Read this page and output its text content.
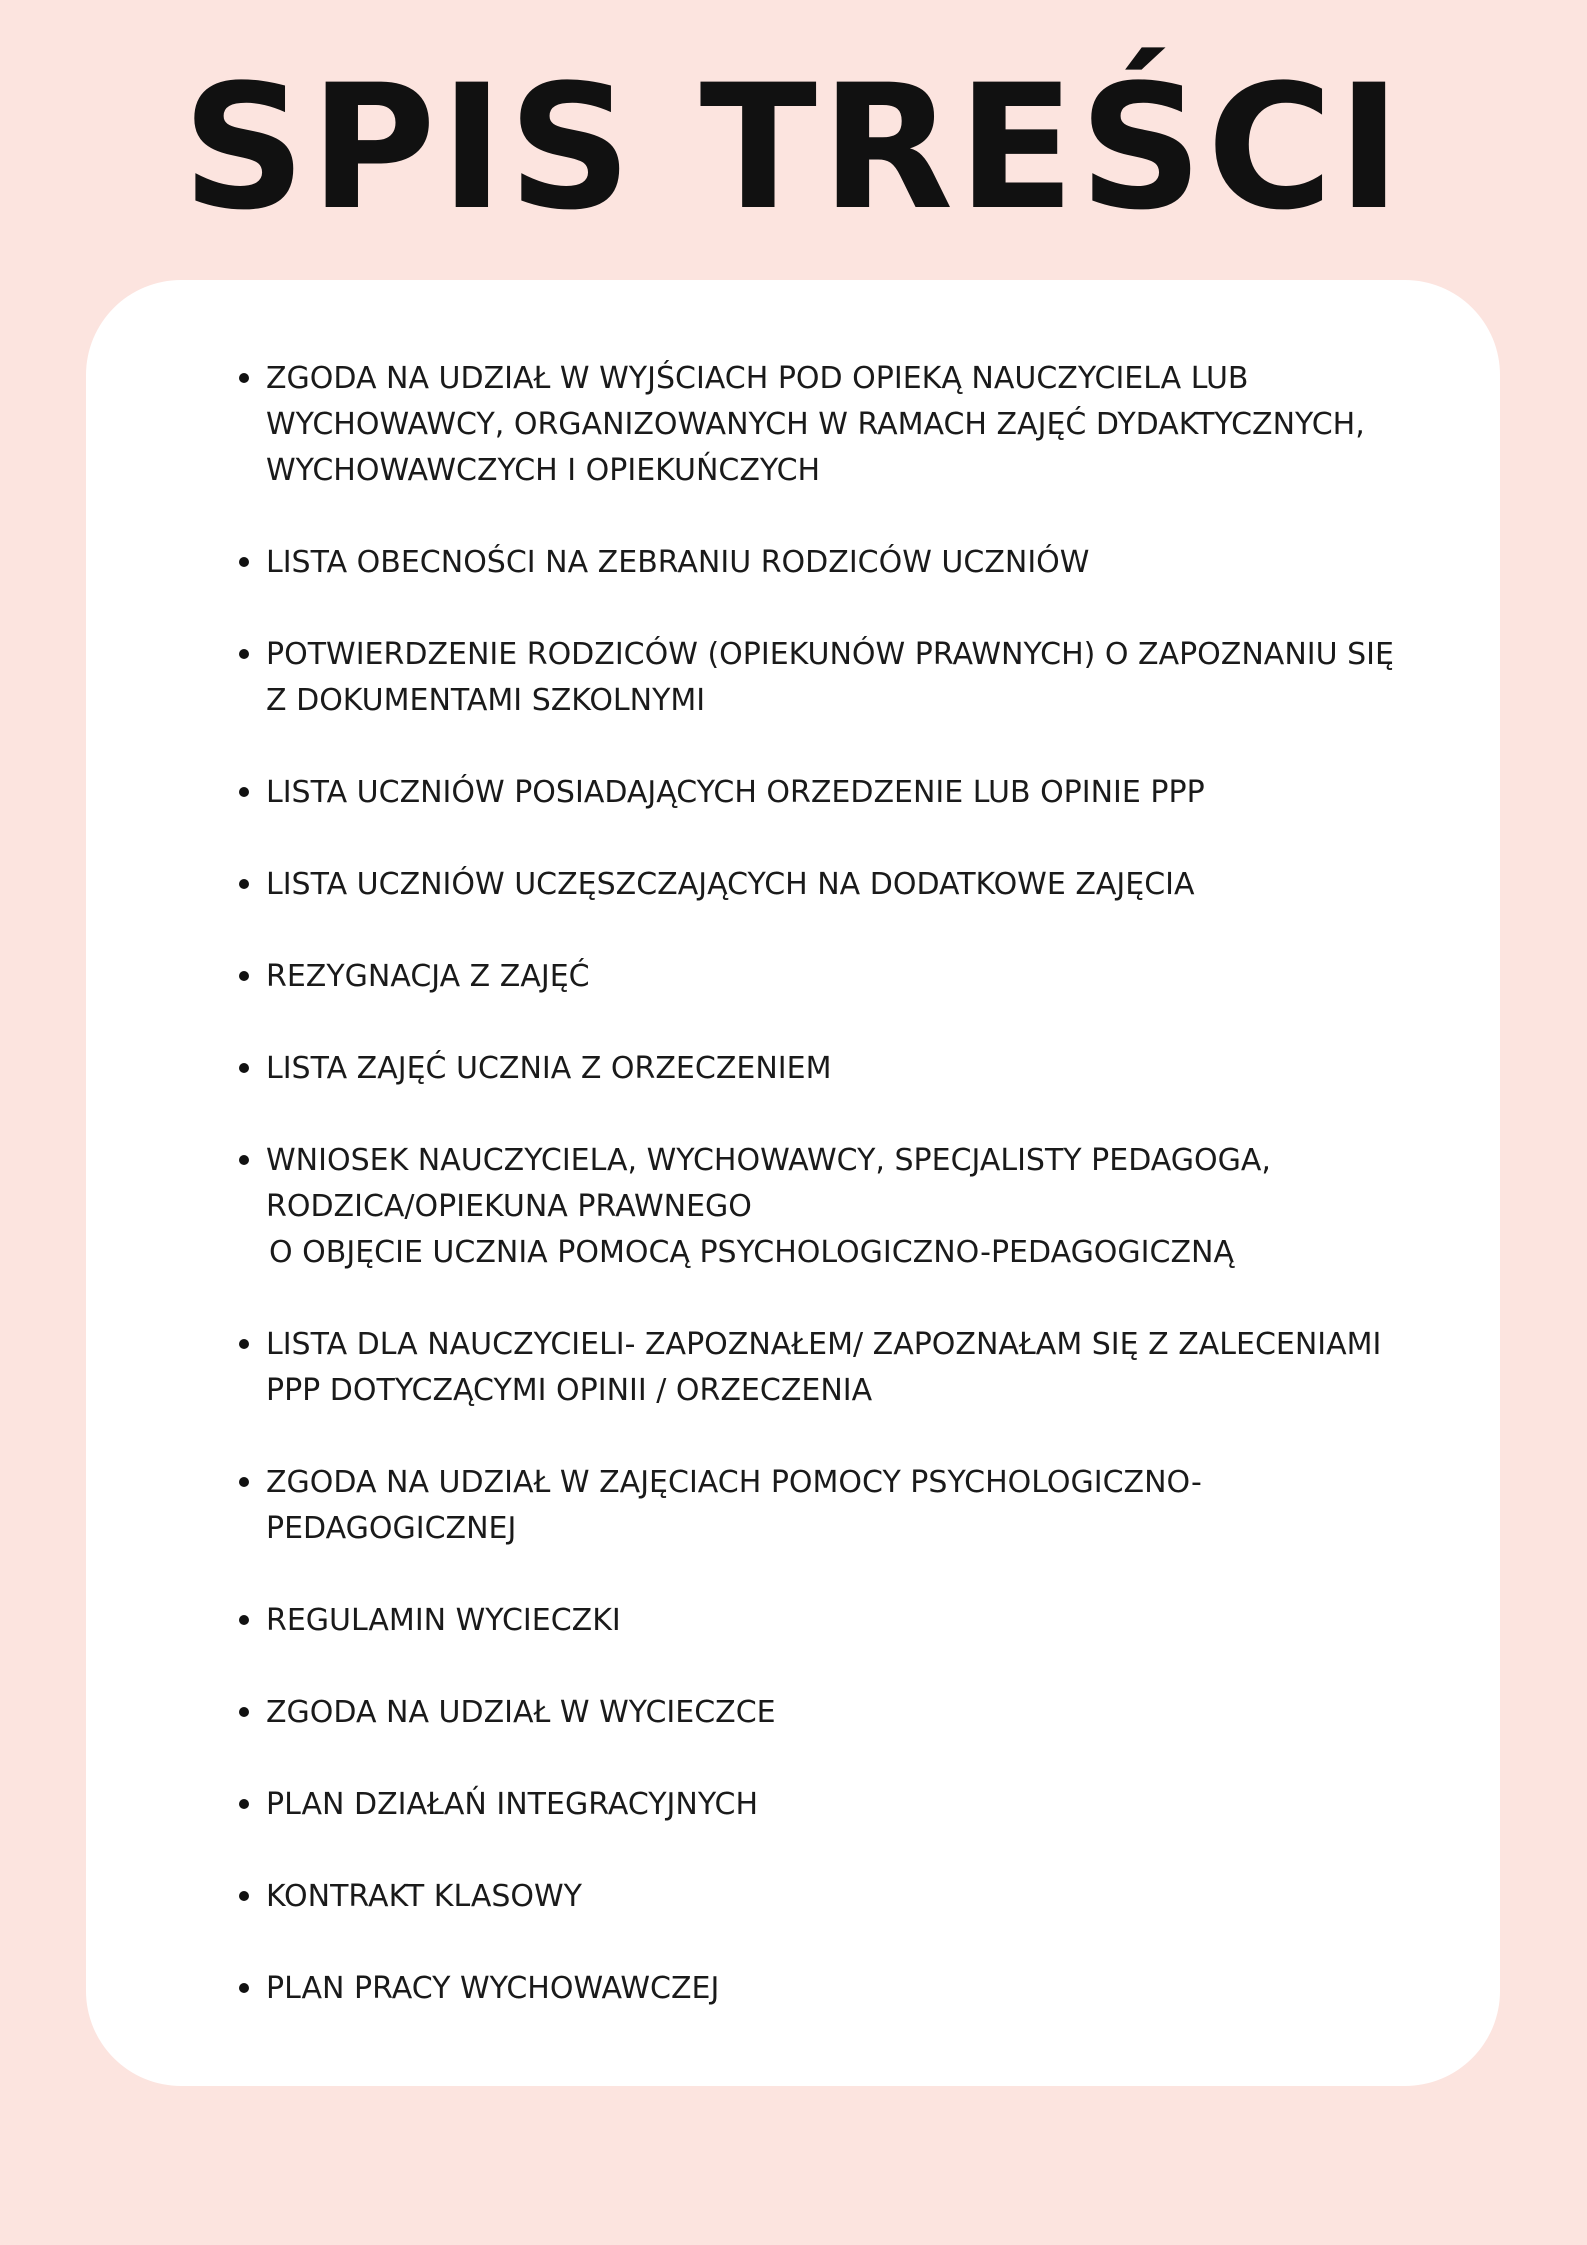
SPIS TREŚCI
ZGODA NA UDZIAŁ W WYJŚCIACH POD OPIEKĄ NAUCZYCIELA LUB
WYCHOWAWCY, ORGANIZOWANYCH W RAMACH ZAJĘĆ DYDAKTYCZNYCH,
WYCHOWAWCZYCH I OPIEKUŃCZYCH
LISTA OBECNOŚCI NA ZEBRANIU RODZICÓW UCZNIÓW
POTWIERDZENIE RODZICÓW (OPIEKUNÓW PRAWNYCH) O ZAPOZNANIU SIĘ
Z DOKUMENTAMI SZKOLNYMI
LISTA UCZNIÓW POSIADAJĄCYCH ORZEDZENIE LUB OPINIE PPP
LISTA UCZNIÓW UCZĘSZCZAJĄCYCH NA DODATKOWE ZAJĘCIA
REZYGNACJA Z ZAJĘĆ
LISTA ZAJĘĆ UCZNIA Z ORZECZENIEM
WNIOSEK NAUCZYCIELA, WYCHOWAWCY, SPECJALISTY PEDAGOGA,
RODZICA/OPIEKUNA PRAWNEGO
O OBJĘCIE UCZNIA POMOCĄ PSYCHOLOGICZNO-PEDAGOGICZNĄ
LISTA DLA NAUCZYCIELI- ZAPOZNAŁEM/ ZAPOZNAŁAM SIĘ Z ZALECENIAMI
PPP DOTYCZĄCYMI OPINII / ORZECZENIA
ZGODA NA UDZIAŁ W ZAJĘCIACH POMOCY PSYCHOLOGICZNO-
PEDAGOGICZNEJ
REGULAMIN WYCIECZKI
ZGODA NA UDZIAŁ W WYCIECZCE
PLAN DZIAŁAŃ INTEGRACYJNYCH
KONTRAKT KLASOWY
PLAN PRACY WYCHOWAWCZEJ
